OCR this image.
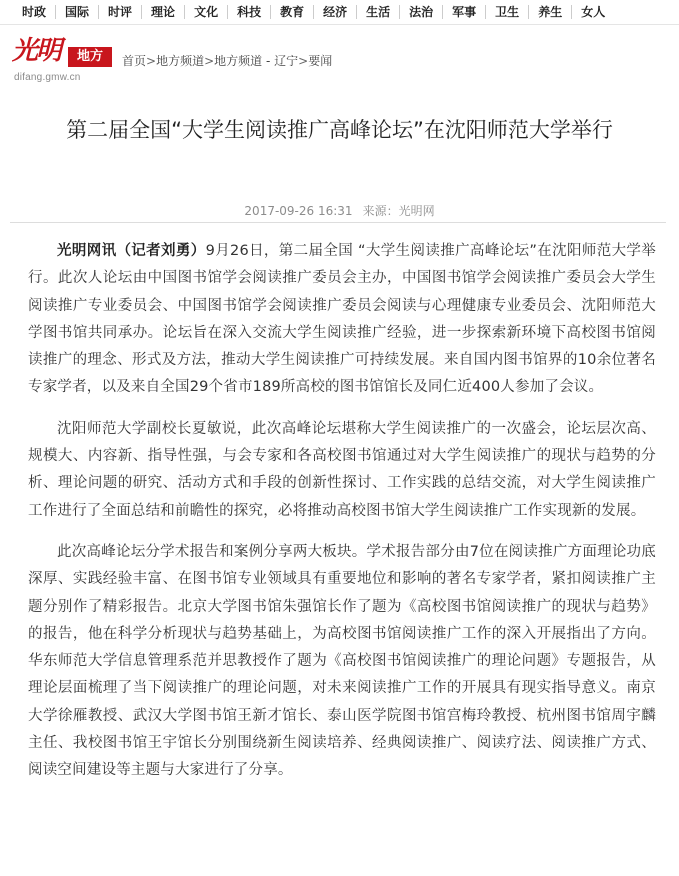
时政	国际	时评	理论	文化	科技	教育	经济	生活	法治	军事	卫生	养生	女人
光明	地方
difang.gmw.cn
首页>地方频道>地方频道 - 辽宁>要闻
第二届全国“大学生阅读推广高峰论坛”在沈阳师范大学举行
2017-09-26 16:31 来源：光明网

光明网讯（记者刘勇）9月26日，第二届全国 “大学生阅读推广高峰论坛”在沈阳师范大学举行。此次人论坛由中国图书馆学会阅读推广委员会主办，中国图书馆学会阅读推广委员会大学生阅读推广专业委员会、中国图书馆学会阅读推广委员会阅读与心理健康专业委员会、沈阳师范大学图书馆共同承办。论坛旨在深入交流大学生阅读推广经验，进一步探索新环境下高校图书馆阅读推广的理念、形式及方法，推动大学生阅读推广可持续发展。来自国内图书馆界的10余位著名专家学者，以及来自全国29个省市189所高校的图书馆馆长及同仁近400人参加了会议。

沈阳师范大学副校长夏敏说，此次高峰论坛堪称大学生阅读推广的一次盛会，论坛层次高、规模大、内容新、指导性强，与会专家和各高校图书馆通过对大学生阅读推广的现状与趋势的分析、理论问题的研究、活动方式和手段的创新性探讨、工作实践的总结交流，对大学生阅读推广工作进行了全面总结和前瞻性的探究，必将推动高校图书馆大学生阅读推广工作实现新的发展。

此次高峰论坛分学术报告和案例分享两大板块。学术报告部分由7位在阅读推广方面理论功底深厚、实践经验丰富、在图书馆专业领域具有重要地位和影响的著名专家学者，紧扣阅读推广主题分别作了精彩报告。北京大学图书馆朱强馆长作了题为《高校图书馆阅读推广的现状与趋势》的报告，他在科学分析现状与趋势基础上，为高校图书馆阅读推广工作的深入开展指出了方向。华东师范大学信息管理系范并思教授作了题为《高校图书馆阅读推广的理论问题》专题报告，从理论层面梳理了当下阅读推广的理论问题，对未来阅读推广工作的开展具有现实指导意义。南京大学徐雁教授、武汉大学图书馆王新才馆长、泰山医学院图书馆宫梅玲教授、杭州图书馆周宇麟主任、我校图书馆王宇馆长分别围绕新生阅读培养、经典阅读推广、阅读疗法、阅读推广方式、阅读空间建设等主题与大家进行了分享。
